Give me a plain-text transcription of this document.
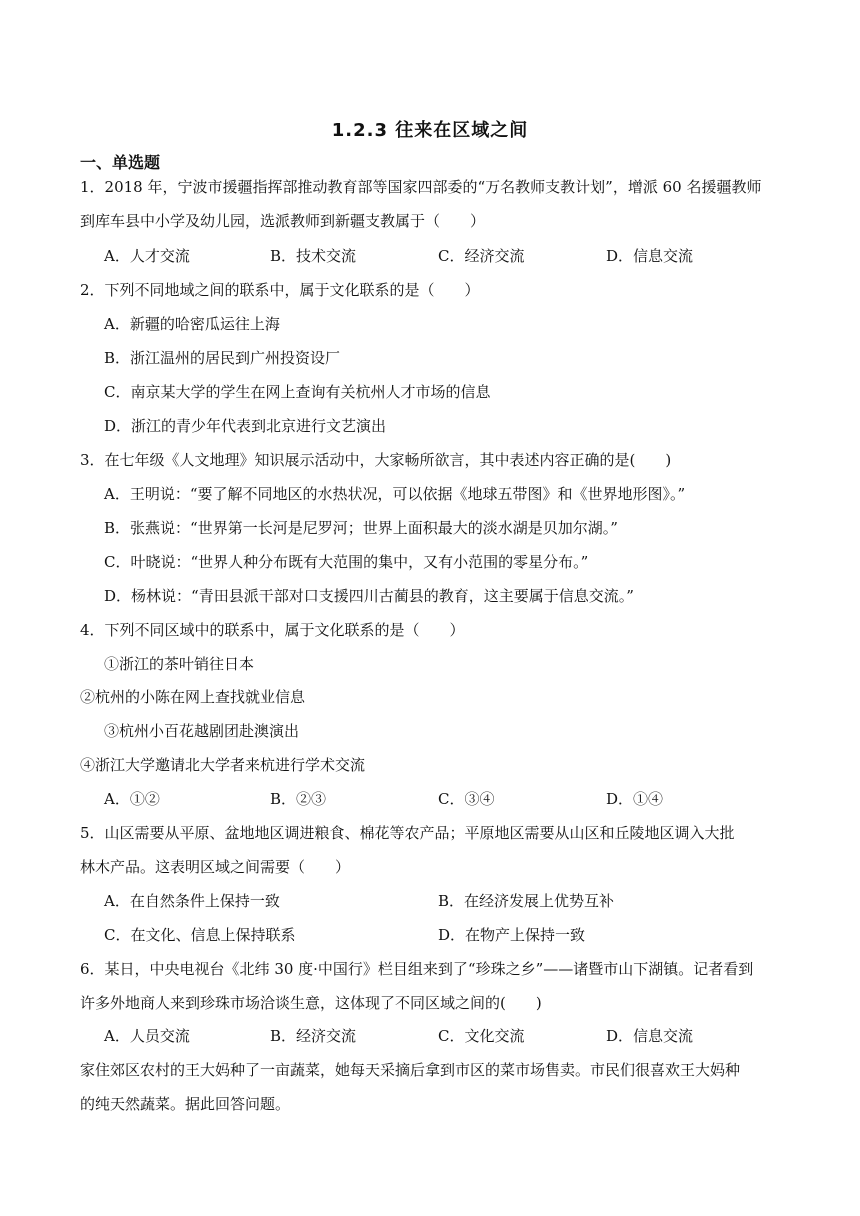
1.2.3 往来在区域之间
一、单选题
1．2018 年，宁波市援疆指挥部推动教育部等国家四部委的“万名教师支教计划”，增派 60 名援疆教师
到库车县中小学及幼儿园，选派教师到新疆支教属于（　　）
A．人才交流	B．技术交流	C．经济交流	D．信息交流
2．下列不同地域之间的联系中，属于文化联系的是（　　）
A．新疆的哈密瓜运往上海
B．浙江温州的居民到广州投资设厂
C．南京某大学的学生在网上查询有关杭州人才市场的信息
D．浙江的青少年代表到北京进行文艺演出
3．在七年级《人文地理》知识展示活动中，大家畅所欲言，其中表述内容正确的是(　　)
A．王明说：“要了解不同地区的水热状况，可以依据《地球五带图》和《世界地形图》。”
B．张燕说：“世界第一长河是尼罗河；世界上面积最大的淡水湖是贝加尔湖。”
C．叶晓说：“世界人种分布既有大范围的集中，又有小范围的零星分布。”
D．杨林说：“青田县派干部对口支援四川古蔺县的教育，这主要属于信息交流。”
4．下列不同区域中的联系中，属于文化联系的是（　　）
①浙江的茶叶销往日本
②杭州的小陈在网上查找就业信息
③杭州小百花越剧团赴澳演出
④浙江大学邀请北大学者来杭进行学术交流
A．①②	B．②③	C．③④	D．①④
5．山区需要从平原、盆地地区调进粮食、棉花等农产品；平原地区需要从山区和丘陵地区调入大批
林木产品。这表明区域之间需要（　　）
A．在自然条件上保持一致	B．在经济发展上优势互补
C．在文化、信息上保持联系	D．在物产上保持一致
6．某日，中央电视台《北纬 30 度·中国行》栏目组来到了“珍珠之乡”——诸暨市山下湖镇。记者看到
许多外地商人来到珍珠市场洽谈生意，这体现了不同区域之间的(　　)
A．人员交流	B．经济交流	C．文化交流	D．信息交流
家住郊区农村的王大妈种了一亩蔬菜，她每天采摘后拿到市区的菜市场售卖。市民们很喜欢王大妈种
的纯天然蔬菜。据此回答问题。
